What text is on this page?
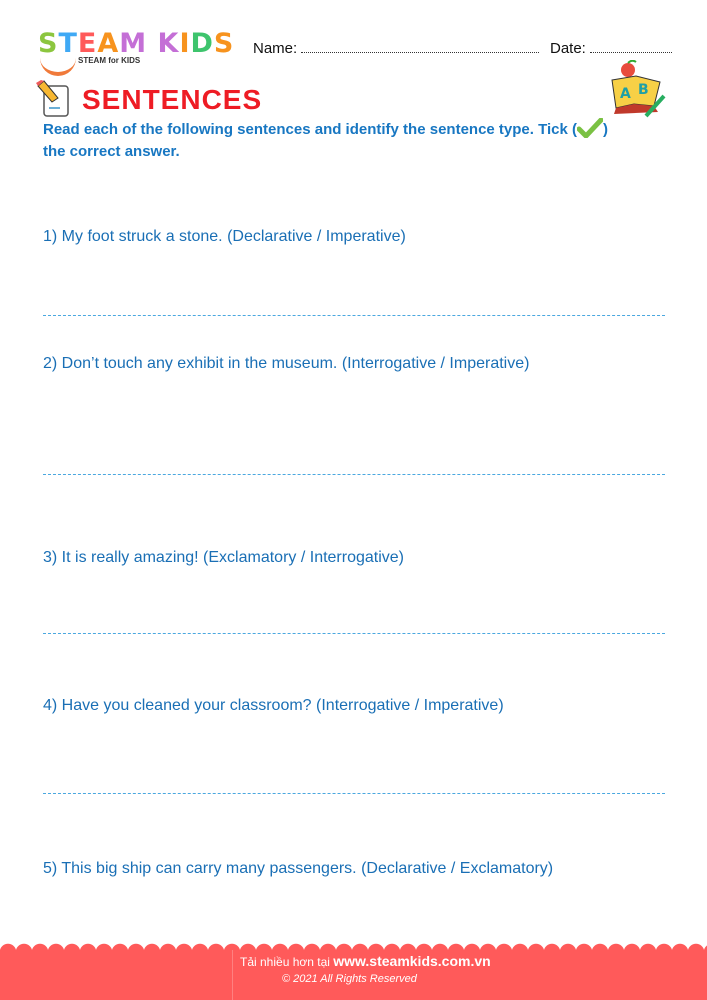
STEAM KIDS
STEAM for KIDS
Name:	Date:
SENTENCES	A B
Read each of the following sentences and identify the sentence type. Tick ( )
the correct answer.
1) My foot struck a stone. (Declarative / Imperative)
2) Don’t touch any exhibit in the museum. (Interrogative / Imperative)
3) It is really amazing! (Exclamatory / Interrogative)
4) Have you cleaned your classroom? (Interrogative / Imperative)
5) This big ship can carry many passengers. (Declarative / Exclamatory)
Tải nhiều hơn tại www.steamkids.com.vn
© 2021 All Rights Reserved
